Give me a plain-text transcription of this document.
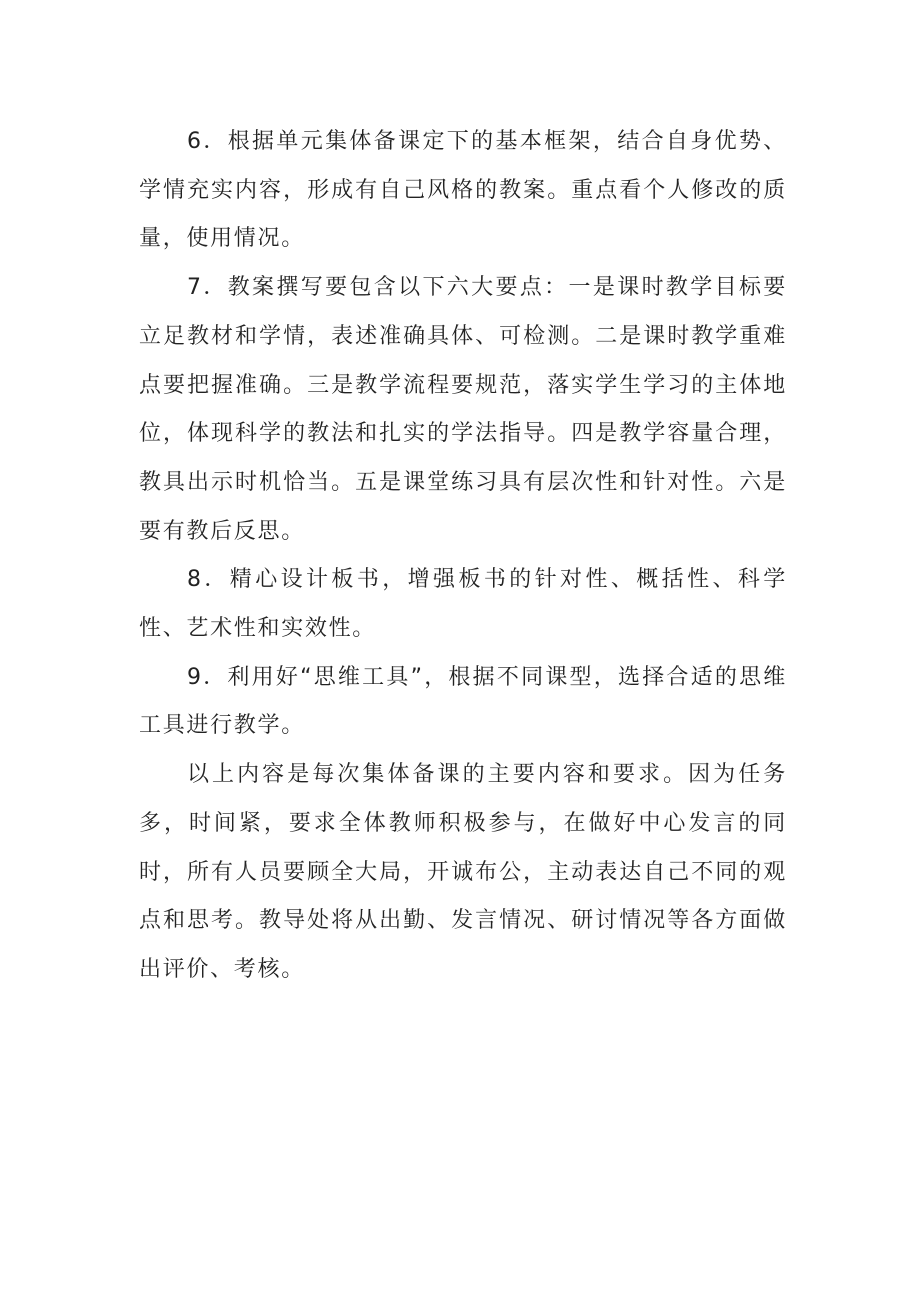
6．根据单元集体备课定下的基本框架，结合自身优势、学情充实内容，形成有自己风格的教案。重点看个人修改的质量，使用情况。

7．教案撰写要包含以下六大要点：一是课时教学目标要立足教材和学情，表述准确具体、可检测。二是课时教学重难点要把握准确。三是教学流程要规范，落实学生学习的主体地位，体现科学的教法和扎实的学法指导。四是教学容量合理，教具出示时机恰当。五是课堂练习具有层次性和针对性。六是要有教后反思。

8．精心设计板书，增强板书的针对性、概括性、科学性、艺术性和实效性。

9．利用好“思维工具”，根据不同课型，选择合适的思维工具进行教学。

以上内容是每次集体备课的主要内容和要求。因为任务多，时间紧，要求全体教师积极参与，在做好中心发言的同时，所有人员要顾全大局，开诚布公，主动表达自己不同的观点和思考。教导处将从出勤、发言情况、研讨情况等各方面做出评价、考核。
